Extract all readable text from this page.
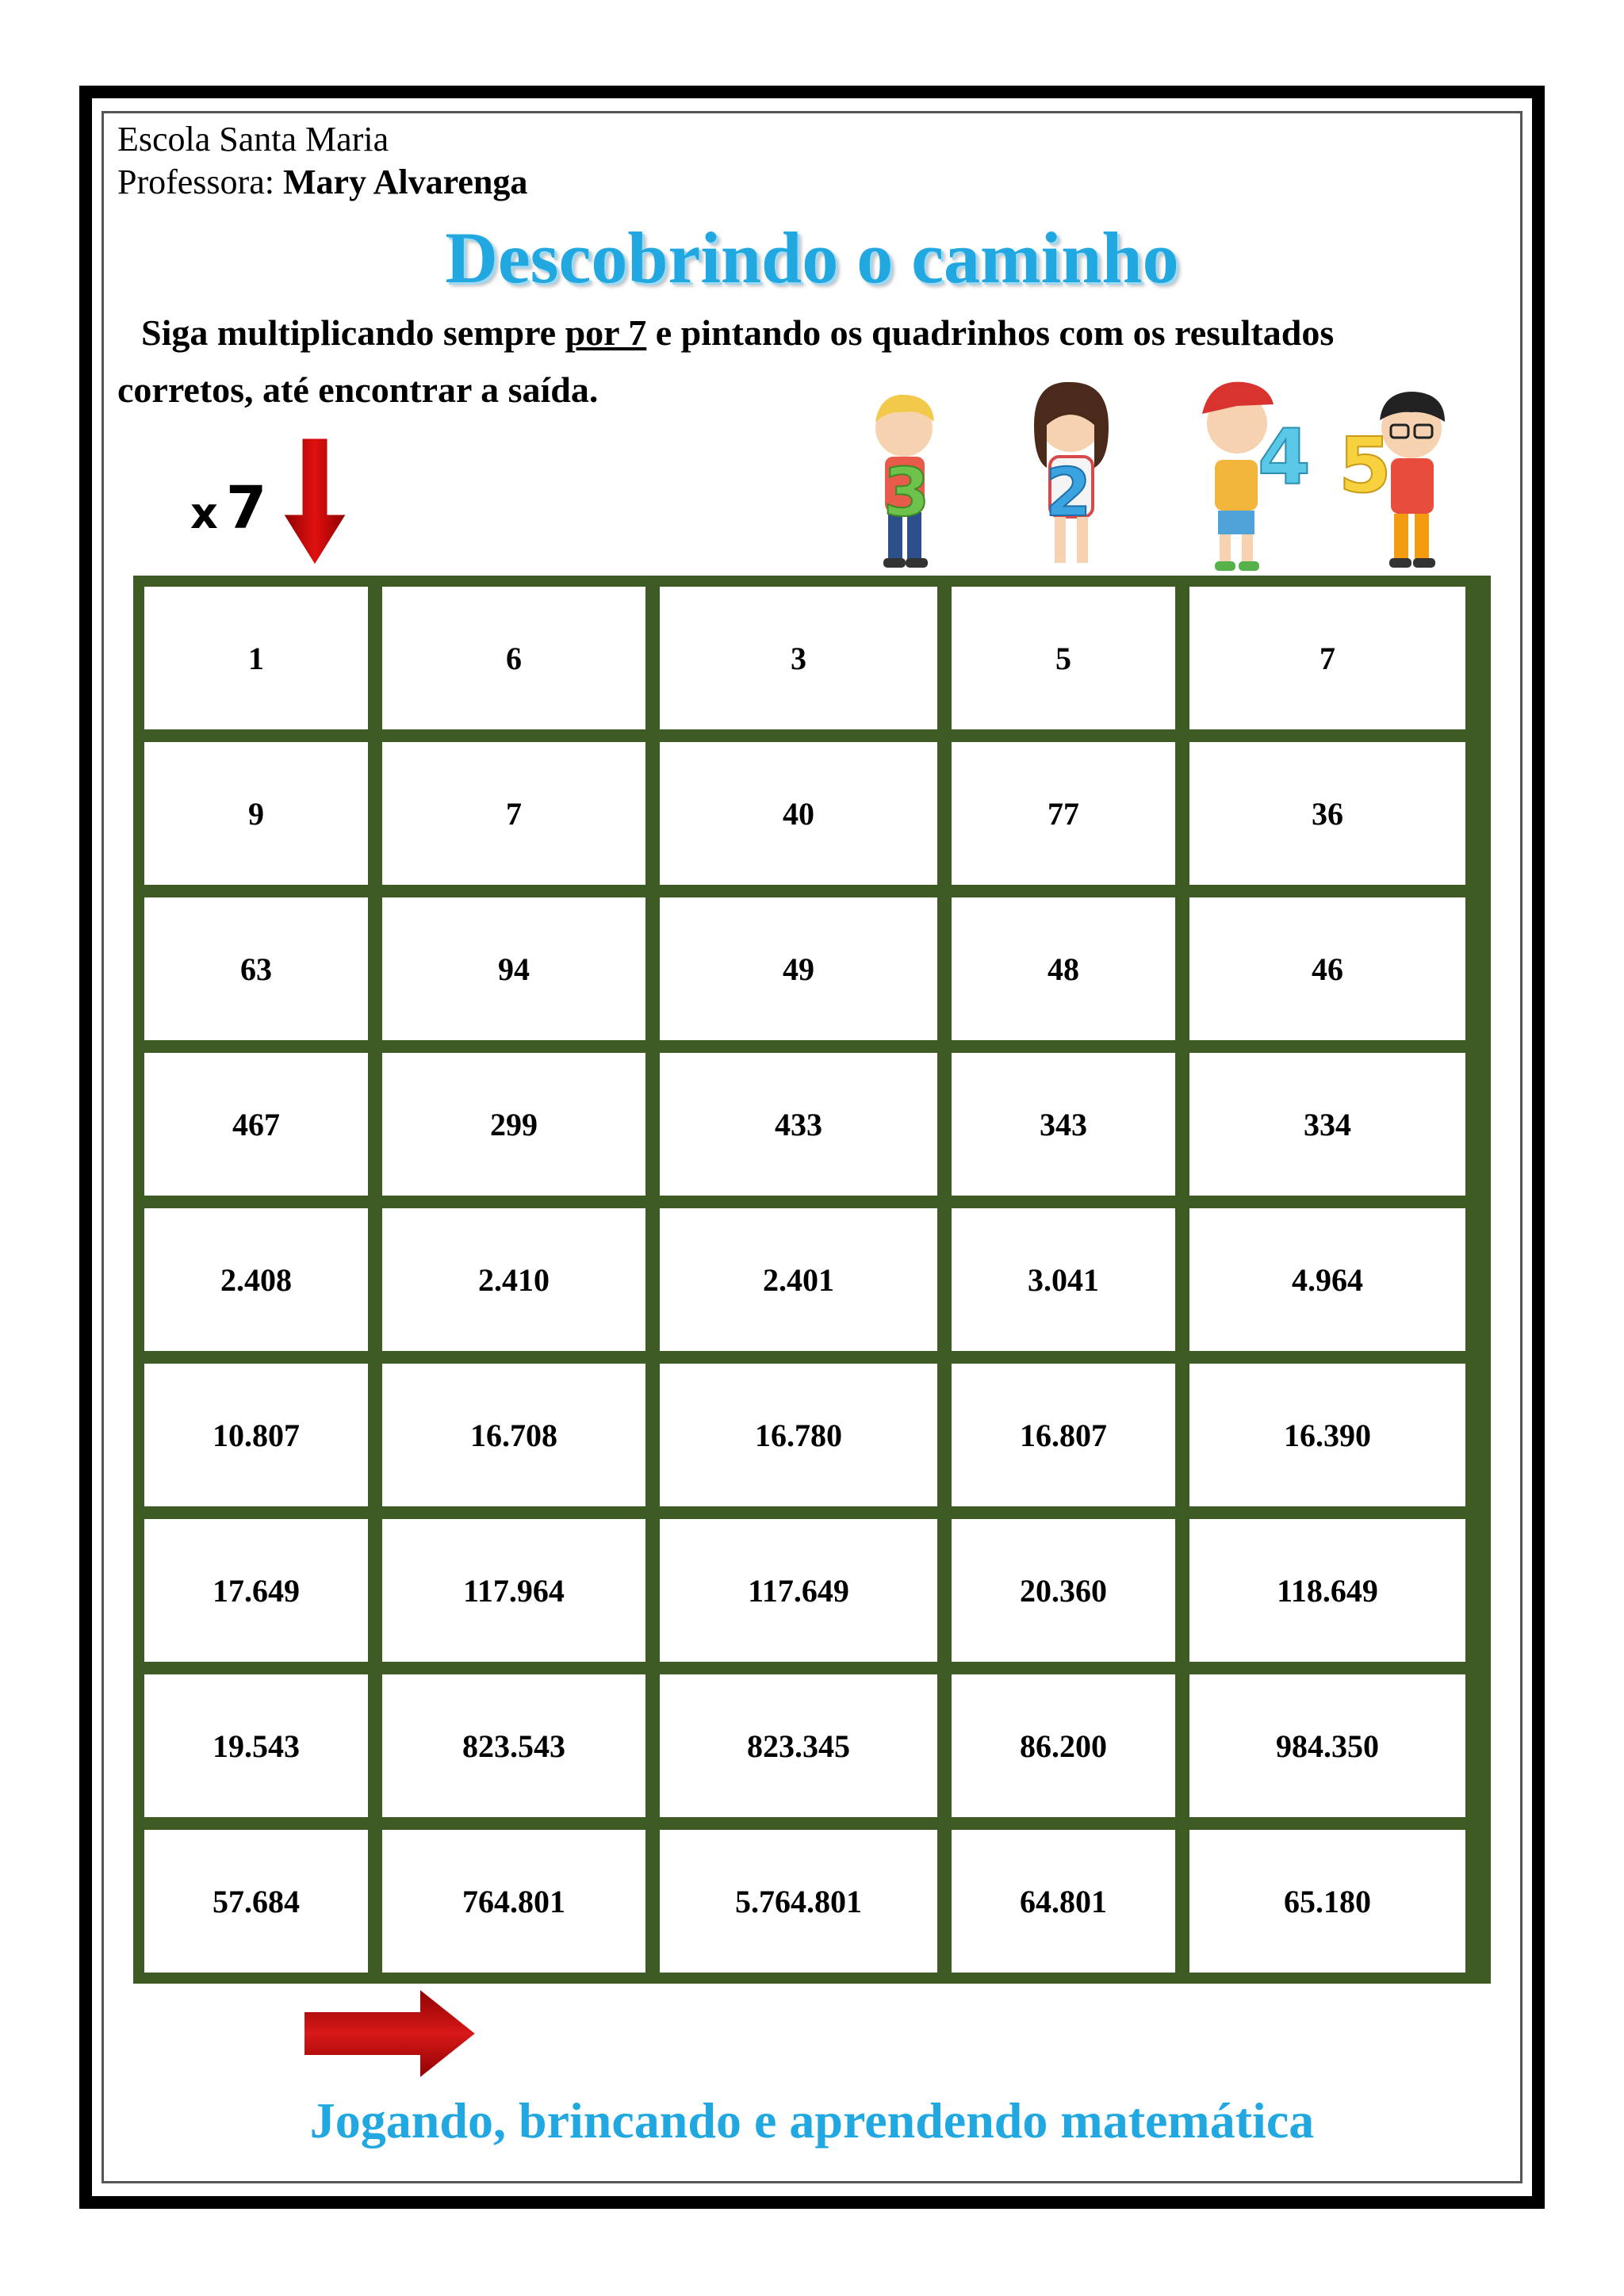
Escola Santa Maria
Professora: Mary Alvarenga
Descobrindo o caminho
Siga multiplicando sempre por 7 e pintando os quadrinhos com os resultados corretos, até encontrar a saída.
x 7	3 2 4 5
1	6	3	5	7
9	7	40	77	36
63	94	49	48	46
467	299	433	343	334
2.408	2.410	2.401	3.041	4.964
10.807	16.708	16.780	16.807	16.390
17.649	117.964	117.649	20.360	118.649
19.543	823.543	823.345	86.200	984.350
57.684	764.801	5.764.801	64.801	65.180
Jogando, brincando e aprendendo matemática
